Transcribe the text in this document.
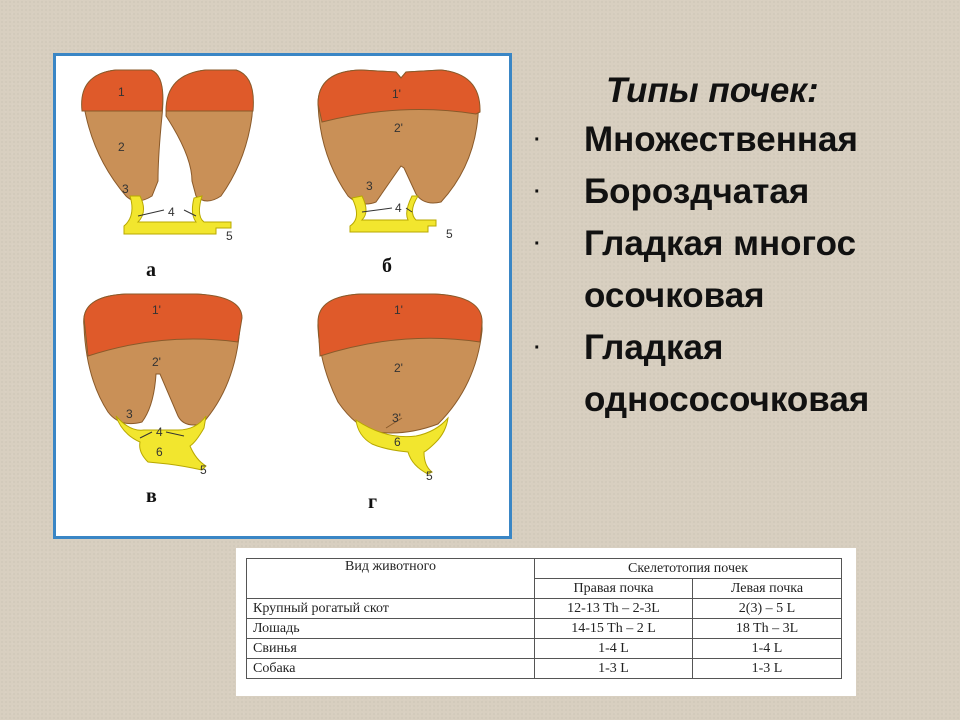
1
2
3
4
5
а
1'
2'
3
4
5
б
1'
2'
3
4
6
5
в
1'
2'
3'
6
5
г
Типы почек:
· Множественная
· Бороздчатая
· Гладкая многососочковая
· Гладкая однососочковая
Вид животного	Скелетотопия почек	
	Правая почка	Левая почка
Крупный рогатый скот	12-13 Th – 2-3L	2(3) – 5 L
Лошадь	14-15 Th – 2 L	18 Th – 3L
Свинья	1-4 L	1-4 L
Собака	1-3 L	1-3 L
